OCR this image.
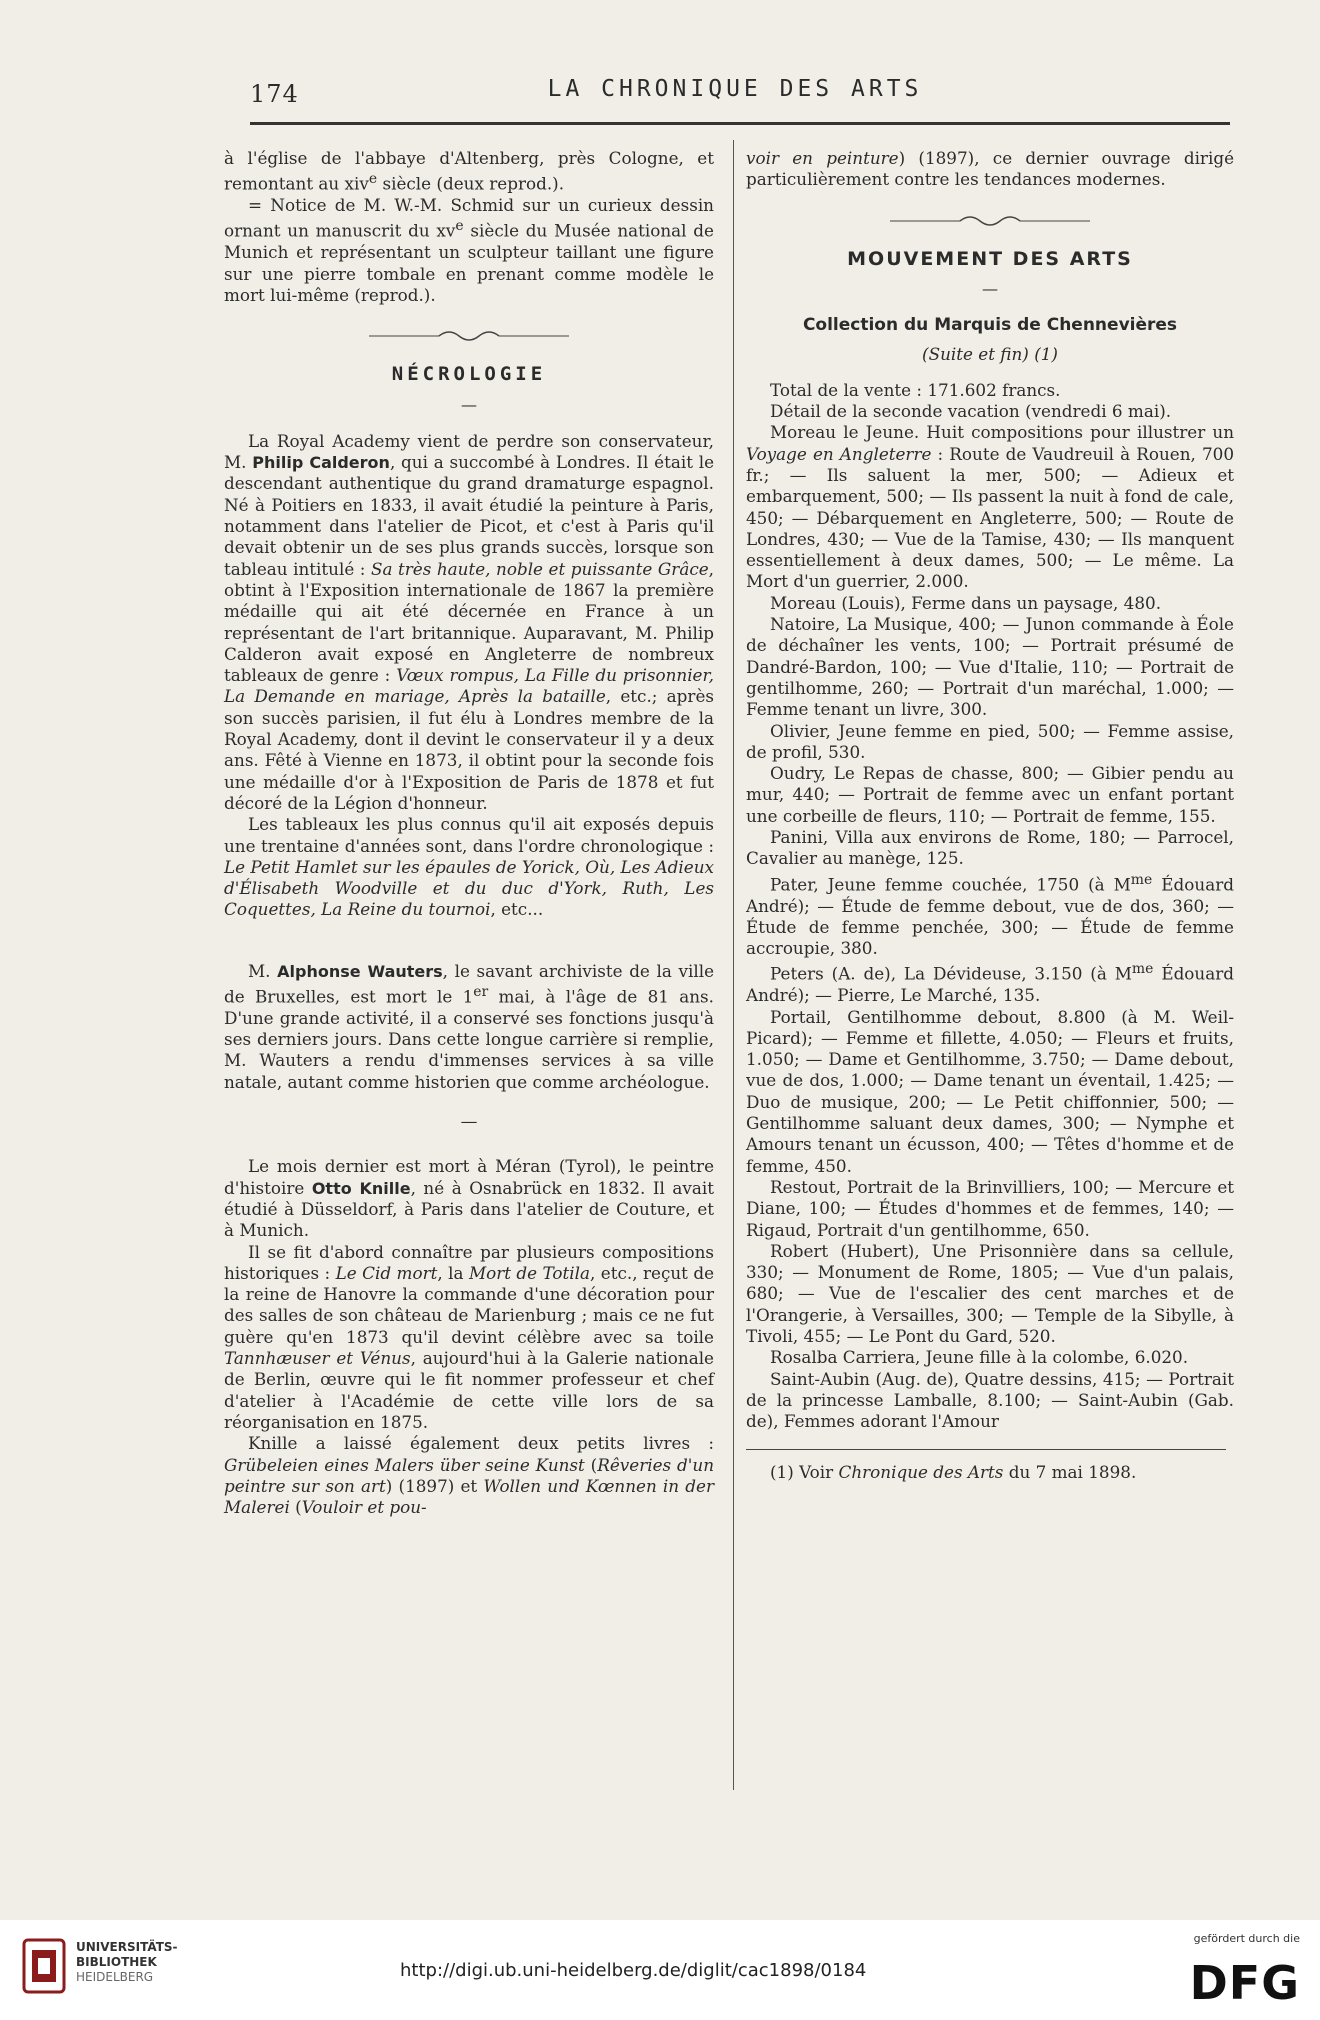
174	LA CHRONIQUE DES ARTS

à l'église de l'abbaye d'Altenberg, près Cologne, et remontant au xiv$^e$ siècle (deux reprod.).

= Notice de M. W.-M. Schmid sur un curieux dessin ornant un manuscrit du $xv^e$ siècle du Musée national de Munich et représentant un sculpteur taillant une figure sur une pierre tombale en prenant comme modèle le mort lui-même (reprod.).

NÉCROLOGIE
—

La Royal Academy vient de perdre son conservateur, M. Philip Calderon, qui a succombé à Londres. Il était le descendant authentique du grand dramaturge espagnol. Né à Poitiers en 1833, il avait étudié la peinture à Paris, notamment dans l'atelier de Picot, et c'est à Paris qu'il devait obtenir un de ses plus grands succès, lorsque son tableau intitulé : Sa très haute, noble et puissante Grâce, obtint à l'Exposition internationale de 1867 la première médaille qui ait été décernée en France à un représentant de l'art britannique. Auparavant, M. Philip Calderon avait exposé en Angleterre de nombreux tableaux de genre : Vœux rompus, La Fille du prisonnier, La Demande en mariage, Après la bataille, etc.; après son succès parisien, il fut élu à Londres membre de la Royal Academy, dont il devint le conservateur il y a deux ans. Fêté à Vienne en 1873, il obtint pour la seconde fois une médaille d'or à l'Exposition de Paris de 1878 et fut décoré de la Légion d'honneur.

Les tableaux les plus connus qu'il ait exposés depuis une trentaine d'années sont, dans l'ordre chronologique : Le Petit Hamlet sur les épaules de Yorick, Où, Les Adieux d'Élisabeth Woodville et du duc d'York, Ruth, Les Coquettes, La Reine du tournoi, etc...

M. Alphonse Wauters, le savant archiviste de la ville de Bruxelles, est mort le 1er mai, à l'âge de 81 ans. D'une grande activité, il a conservé ses fonctions jusqu'à ses derniers jours. Dans cette longue carrière si remplie, M. Wauters a rendu d'immenses services à sa ville natale, autant comme historien que comme archéologue.

—

Le mois dernier est mort à Méran (Tyrol), le peintre d'histoire Otto Knille, né à Osnabrück en 1832. Il avait étudié à Düsseldorf, à Paris dans l'atelier de Couture, et à Munich.

Il se fit d'abord connaître par plusieurs compositions historiques : Le Cid mort, la Mort de Totila, etc., reçut de la reine de Hanovre la commande d'une décoration pour des salles de son château de Marienburg ; mais ce ne fut guère qu'en 1873 qu'il devint célèbre avec sa toile Tannhæuser et Vénus, aujourd'hui à la Galerie nationale de Berlin, œuvre qui le fit nommer professeur et chef d'atelier à l'Académie de cette ville lors de sa réorganisation en 1875.

Knille a laissé également deux petits livres : Grübeleien eines Malers über seine Kunst (Rêveries d'un peintre sur son art) (1897) et Wollen und Kœnnen in der Malerei (Vouloir et pou-

voir en peinture) (1897), ce dernier ouvrage dirigé particulièrement contre les tendances modernes.

MOUVEMENT DES ARTS
—
Collection du Marquis de Chennevières
(Suite et fin) (1)

Total de la vente : 171.602 francs.

Détail de la seconde vacation (vendredi 6 mai).

Moreau le Jeune. Huit compositions pour illustrer un Voyage en Angleterre : Route de Vaudreuil à Rouen, 700 fr.; — Ils saluent la mer, 500; — Adieux et embarquement, 500; — Ils passent la nuit à fond de cale, 450; — Débarquement en Angleterre, 500; — Route de Londres, 430; — Vue de la Tamise, 430; — Ils manquent essentiellement à deux dames, 500; — Le même. La Mort d'un guerrier, 2.000.

Moreau (Louis), Ferme dans un paysage, 480.

Natoire, La Musique, 400; — Junon commande à Éole de déchaîner les vents, 100; — Portrait présumé de Dandré-Bardon, 100; — Vue d'Italie, 110; — Portrait de gentilhomme, 260; — Portrait d'un maréchal, 1.000; — Femme tenant un livre, 300.

Olivier, Jeune femme en pied, 500; — Femme assise, de profil, 530.

Oudry, Le Repas de chasse, 800; — Gibier pendu au mur, 440; — Portrait de femme avec un enfant portant une corbeille de fleurs, 110; — Portrait de femme, 155.

Panini, Villa aux environs de Rome, 180; — Parrocel, Cavalier au manège, 125.

Pater, Jeune femme couchée, 1750 (à $M^{me}$ Édouard André); — Étude de femme debout, vue de dos, 360; — Étude de femme penchée, 300; — Étude de femme accroupie, 380.

Peters (A. de), La Dévideuse, 3.150 (à $M^{me}$ Édouard André); — Pierre, Le Marché, 135.

Portail, Gentilhomme debout, 8.800 (à M. Weil-Picard); — Femme et fillette, 4.050; — Fleurs et fruits, 1.050; — Dame et Gentilhomme, 3.750; — Dame debout, vue de dos, 1.000; — Dame tenant un éventail, 1.425; — Duo de musique, 200; — Le Petit chiffonnier, 500; — Gentilhomme saluant deux dames, 300; — Nymphe et Amours tenant un écusson, 400; — Têtes d'homme et de femme, 450.

Restout, Portrait de la Brinvilliers, 100; — Mercure et Diane, 100; — Études d'hommes et de femmes, 140; — Rigaud, Portrait d'un gentilhomme, 650.

Robert (Hubert), Une Prisonnière dans sa cellule, 330; — Monument de Rome, 1805; — Vue d'un palais, 680; — Vue de l'escalier des cent marches et de l'Orangerie, à Versailles, 300; — Temple de la Sibylle, à Tivoli, 455; — Le Pont du Gard, 520.

Rosalba Carriera, Jeune fille à la colombe, 6.020.

Saint-Aubin (Aug. de), Quatre dessins, 415; — Portrait de la princesse Lamballe, 8.100; — Saint-Aubin (Gab. de), Femmes adorant l'Amour

(1) Voir Chronique des Arts du 7 mai 1898.

UNIVERSITÄTS-
BIBLIOTHEK
HEIDELBERG	http://digi.ub.uni-heidelberg.de/diglit/cac1898/0184
gefördert durch die
DFG
